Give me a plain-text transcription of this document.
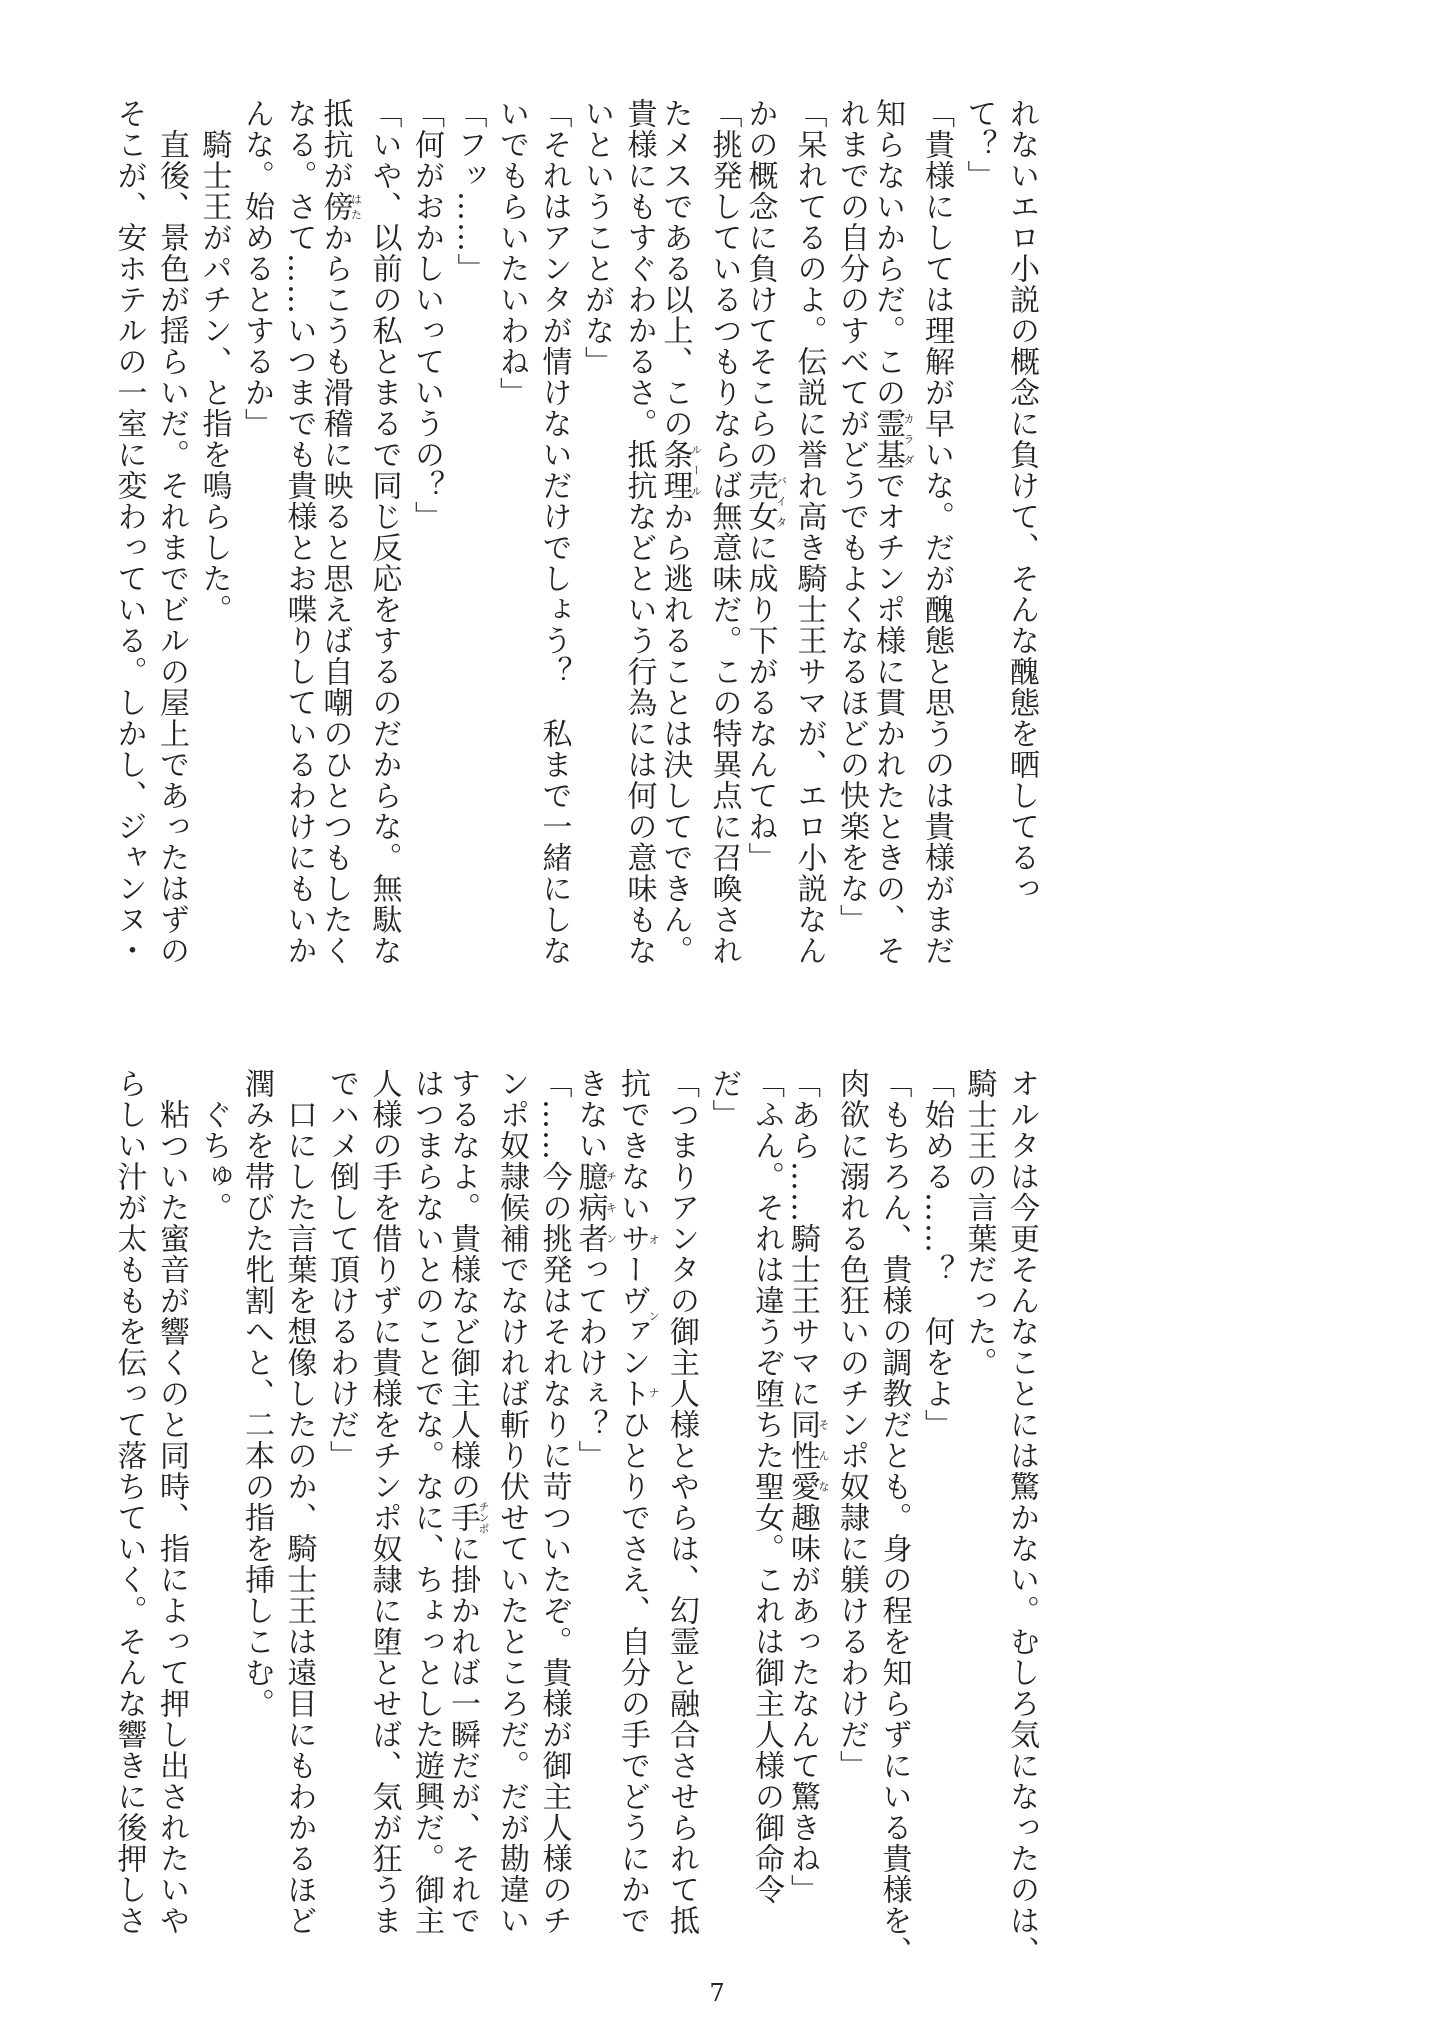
れないエロ小説の概念に負けて、そんな醜態を晒してるっ
て？」
「貴様にしては理解が早いな。だが醜態と思うのは貴様がまだ
知らないからだ。この霊基カラダでオチンポ様に貫かれたときの、そ
れまでの自分のすべてがどうでもよくなるほどの快楽をな」
「呆れてるのよ。伝説に誉れ高き騎士王サマが、エロ小説なん
かの概念に負けてそこらの売女バイタに成り下がるなんてね」
「挑発しているつもりならば無意味だ。この特異点に召喚され
たメスである以上、この条理ルールから逃れることは決してできん。
貴様にもすぐわかるさ。抵抗などという行為には何の意味もな
いということがな」
「それはアンタが情けないだけでしょう？　私まで一緒にしな
いでもらいたいわね」
「フッ……」
「何がおかしいっていうの？」
「いや、以前の私とまるで同じ反応をするのだからな。無駄な
抵抗が傍はたからこうも滑稽に映ると思えば自嘲のひとつもしたく
なる。さて……いつまでも貴様とお喋りしているわけにもいか
んな。始めるとするか」
　騎士王がパチン、と指を鳴らした。
　直後、景色が揺らいだ。それまでビルの屋上であったはずの
そこが、安ホテルの一室に変わっている。しかし、ジャンヌ・
オルタは今更そんなことには驚かない。むしろ気になったのは、
騎士王の言葉だった。
「始める……？　何をよ」
「もちろん、貴様の調教だとも。身の程を知らずにいる貴様を、
肉欲に溺れる色狂いのチンポ奴隷に躾けるわけだ」
「あら……騎士王サマに同性愛そんな趣味があったなんて驚きね」
「ふん。それは違うぞ堕ちた聖女。これは御主人様の御命令
だ」
「つまりアンタの御主人様とやらは、幻霊と融合させられて抵
抗できないサーヴァントオンナひとりでさえ、自分の手でどうにかで
きない臆病者チキンってわけぇ？」
「……今の挑発はそれなりに苛ついたぞ。貴様が御主人様のチ
ンポ奴隷候補でなければ斬り伏せていたところだ。だが勘違い
するなよ。貴様など御主人様の手チンポに掛かれば一瞬だが、それで
はつまらないとのことでな。なに、ちょっとした遊興だ。御主
人様の手を借りずに貴様をチンポ奴隷に堕とせば、気が狂うま
でハメ倒して頂けるわけだ」
　口にした言葉を想像したのか、騎士王は遠目にもわかるほど
潤みを帯びた牝割へと、二本の指を挿しこむ。
　ぐちゅ。
　粘ついた蜜音が響くのと同時、指によって押し出されたいや
らしい汁が太ももを伝って落ちていく。そんな響きに後押しさ
7
